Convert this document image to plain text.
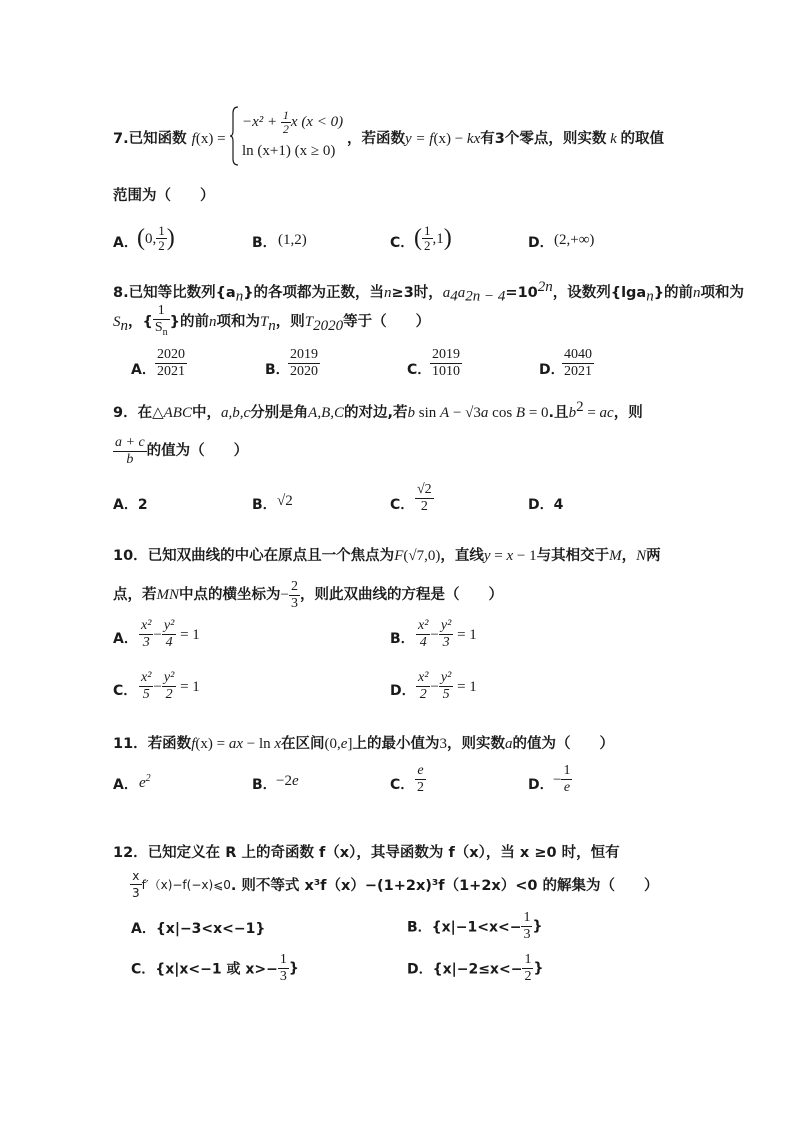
7.已知函数 f(x) =
$-x^2 + \frac{1}{2}$ x (x < 0)
ln (x+1) (x ≥ 0)
，若函数y = f(x) − kx有3个零点，则实数 k 的取值
范围为（　　）
A． (0, $\frac{1}{2}$ )	B． (1,2)	C． ( $\frac{1}{2} ,1$)	D． (2,+∞)
8.已知等比数列$\{a_n\}$的各项都为正数，当n≥3时，$a_4a_{2n - 4}=10^{2n}$，设数列{lga$_n$}的前n项和为
$S_n$，{ $\frac{1}{S_n}$ }的前n项和为$T_n$，则$T_{2020}$等于（　　）
A． $\frac{2020}{2021}$	B．
$\frac{2019}{2020}$	C．
$\frac{2019}{1010}$	D．
$\frac{4040}{2021}$
9．在△ABC中，a,b,c分别是角A,B,C的对边,若b sin A − √3a cos B = 0.且$b^2$ = ac，则
$\frac{a + c}{b}$ 的值为（　　）
A．2	B． √2	C． $\frac{√2}{2}$	D．4
10．已知双曲线的中心在原点且一个焦点为F(√7,0)，直线y = x − 1与其相交于M，N两
点，若MN中点的横坐标为− $\frac{2}{3}$ ，则此双曲线的方程是（　　）
A． $\frac{\text{x²}}{3} - \frac{\text{y²}}{4} = 1$	B． $\frac{\text{x²}}{4} - \frac{\text{y²}}{3} = 1$
C． $\frac{\text{x²}}{5} - \frac{\text{y²}}{2} = 1$	D． $\frac{\text{x²}}{2} - \frac{\text{y²}}{5} = 1$
11．若函数f(x) = ax − ln x在区间(0,e]上的最小值为3，则实数a的值为（　　）
A． $e^2$	B． −2e	C． $\frac{e}{2}$	D． − $\frac{1}{e}$
12．已知定义在 R 上的奇函数 f（x），其导函数为 f（x），当 x ≥0 时，恒有
$\frac{x}{3}$ f′（x)−f(−x)⩽0. 则不等式 x³f（x）−(1+2x)³f（1+2x）<0 的解集为（　　）
A．{x|−3<x<−1}	B．{$x|-1<x<- \frac{1}{3}$ }
C．{x|x<−1 或 $x>- \frac{1}{3}$ }	D．{$x|-2\le x<- \frac{1}{2}$ }
